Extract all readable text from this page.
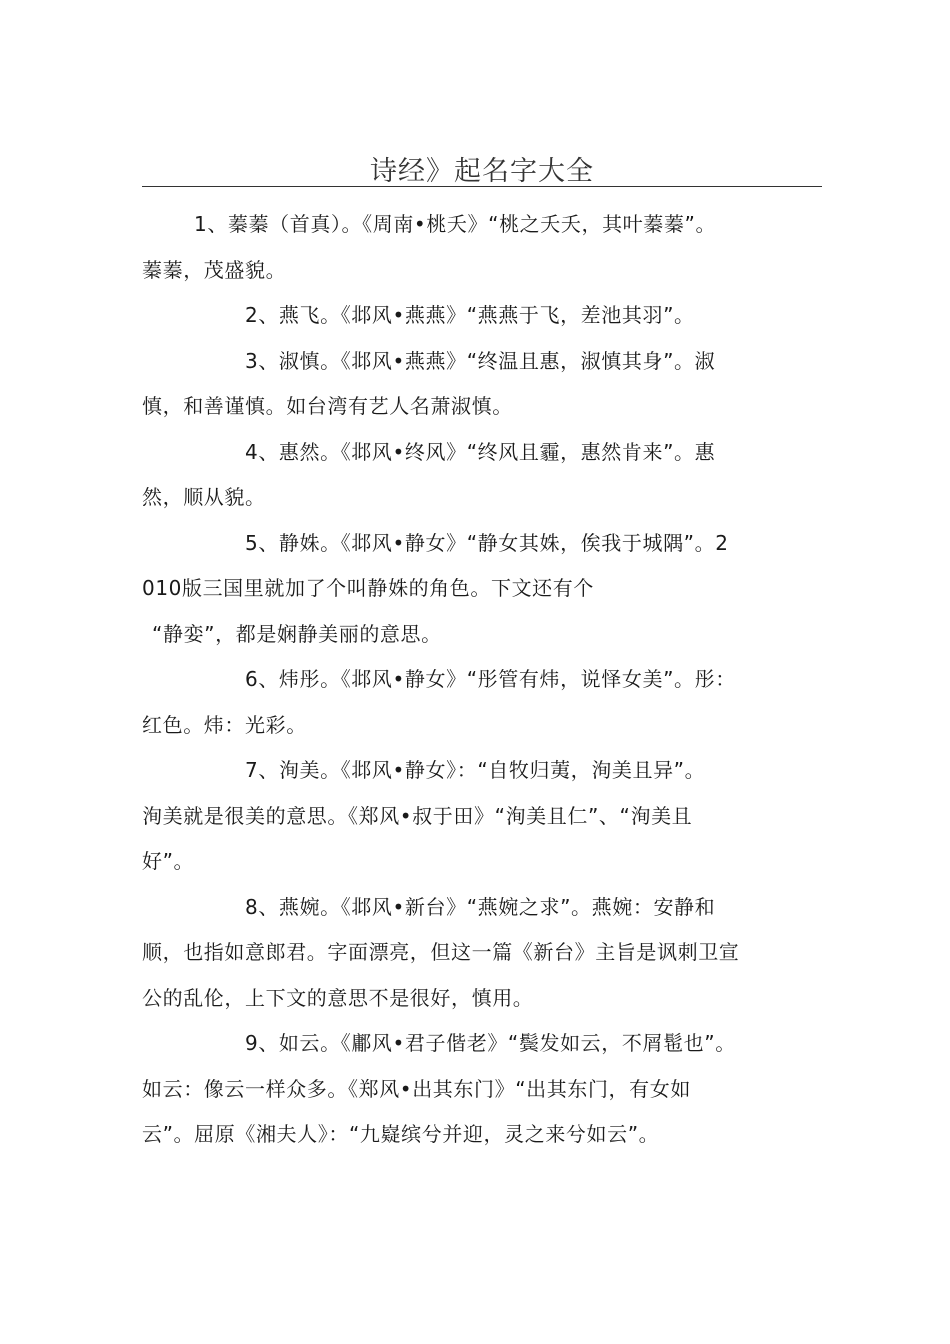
诗经》起名字大全
1、蓁蓁（首真）。《周南•桃夭》“桃之夭夭，其叶蓁蓁”。
蓁蓁，茂盛貌。
2、燕飞。《邶风•燕燕》“燕燕于飞，差池其羽”。
3、淑慎。《邶风•燕燕》“终温且惠，淑慎其身”。淑
慎，和善谨慎。如台湾有艺人名萧淑慎。
4、惠然。《邶风•终风》“终风且霾，惠然肯来”。惠
然，顺从貌。
5、静姝。《邶风•静女》“静女其姝，俟我于城隅”。2
010版三国里就加了个叫静姝的角色。下文还有个
“静娈”，都是娴静美丽的意思。
6、炜彤。《邶风•静女》“彤管有炜，说怿女美”。彤：
红色。炜：光彩。
7、洵美。《邶风•静女》：“自牧归荑，洵美且异”。
洵美就是很美的意思。《郑风•叔于田》“洵美且仁”、“洵美且
好”。
8、燕婉。《邶风•新台》“燕婉之求”。燕婉：安静和
顺，也指如意郎君。字面漂亮，但这一篇《新台》主旨是讽刺卫宣
公的乱伦，上下文的意思不是很好，慎用。
9、如云。《鄘风•君子偕老》“鬓发如云，不屑髢也”。
如云：像云一样众多。《郑风•出其东门》“出其东门，有女如
云”。屈原《湘夫人》：“九嶷缤兮并迎，灵之来兮如云”。
